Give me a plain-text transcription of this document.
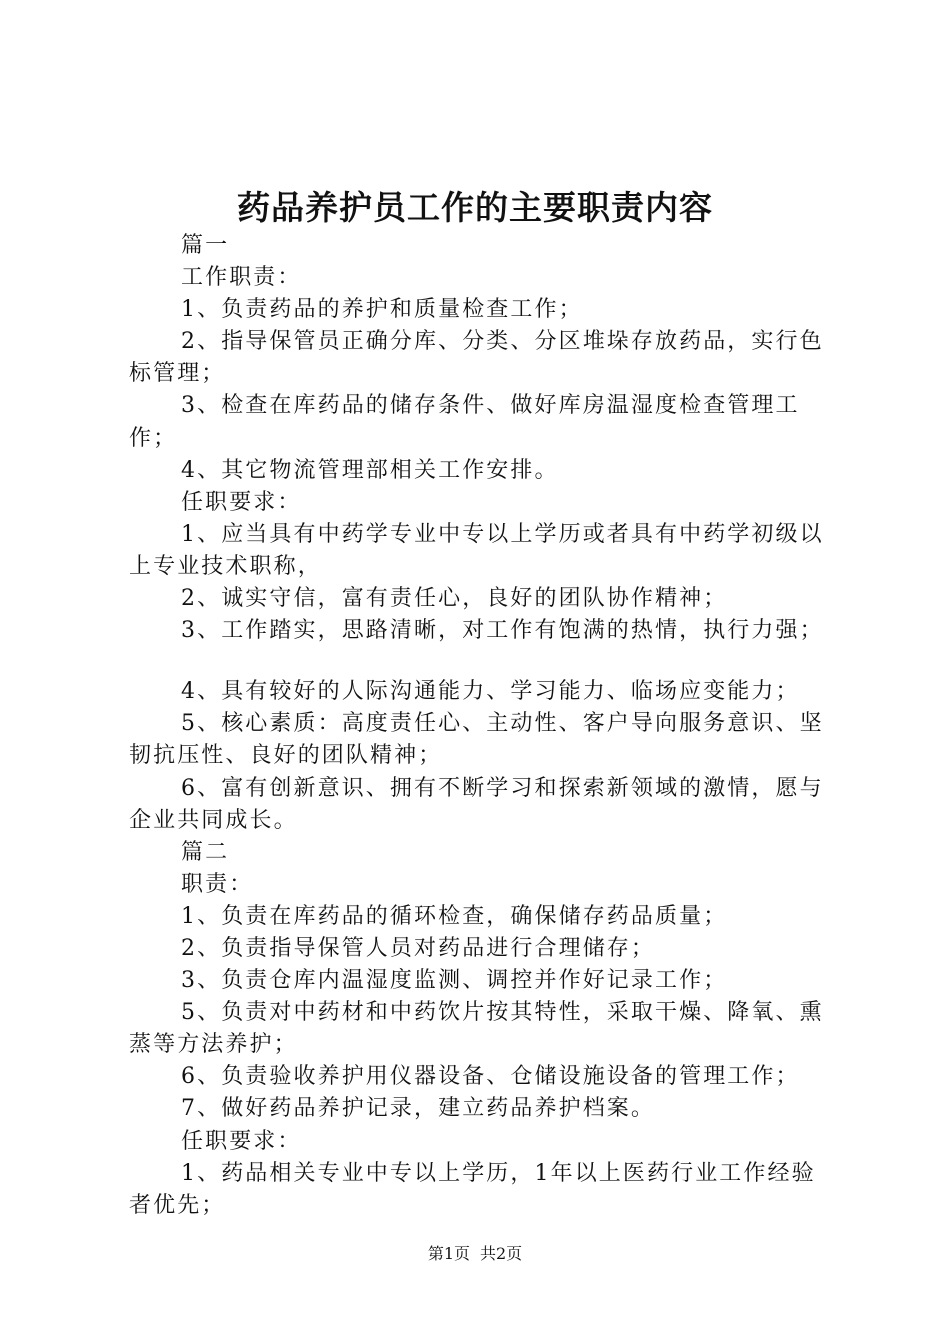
药品养护员工作的主要职责内容

篇一

工作职责：

1、负责药品的养护和质量检查工作；

2、指导保管员正确分库、分类、分区堆垛存放药品，实行色标管理；

3、检查在库药品的储存条件、做好库房温湿度检查管理工作；

4、其它物流管理部相关工作安排。

任职要求：

1、应当具有中药学专业中专以上学历或者具有中药学初级以上专业技术职称，

2、诚实守信，富有责任心，良好的团队协作精神；

3、工作踏实，思路清晰，对工作有饱满的热情，执行力强；

4、具有较好的人际沟通能力、学习能力、临场应变能力；

5、核心素质：高度责任心、主动性、客户导向服务意识、坚韧抗压性、良好的团队精神；

6、富有创新意识、拥有不断学习和探索新领域的激情，愿与企业共同成长。

篇二

职责：

1、负责在库药品的循环检查，确保储存药品质量；

2、负责指导保管人员对药品进行合理储存；

3、负责仓库内温湿度监测、调控并作好记录工作；

5、负责对中药材和中药饮片按其特性，采取干燥、降氧、熏蒸等方法养护；

6、负责验收养护用仪器设备、仓储设施设备的管理工作；

7、做好药品养护记录，建立药品养护档案。

任职要求：

1、药品相关专业中专以上学历，1年以上医药行业工作经验者优先；

第1页 共2页
